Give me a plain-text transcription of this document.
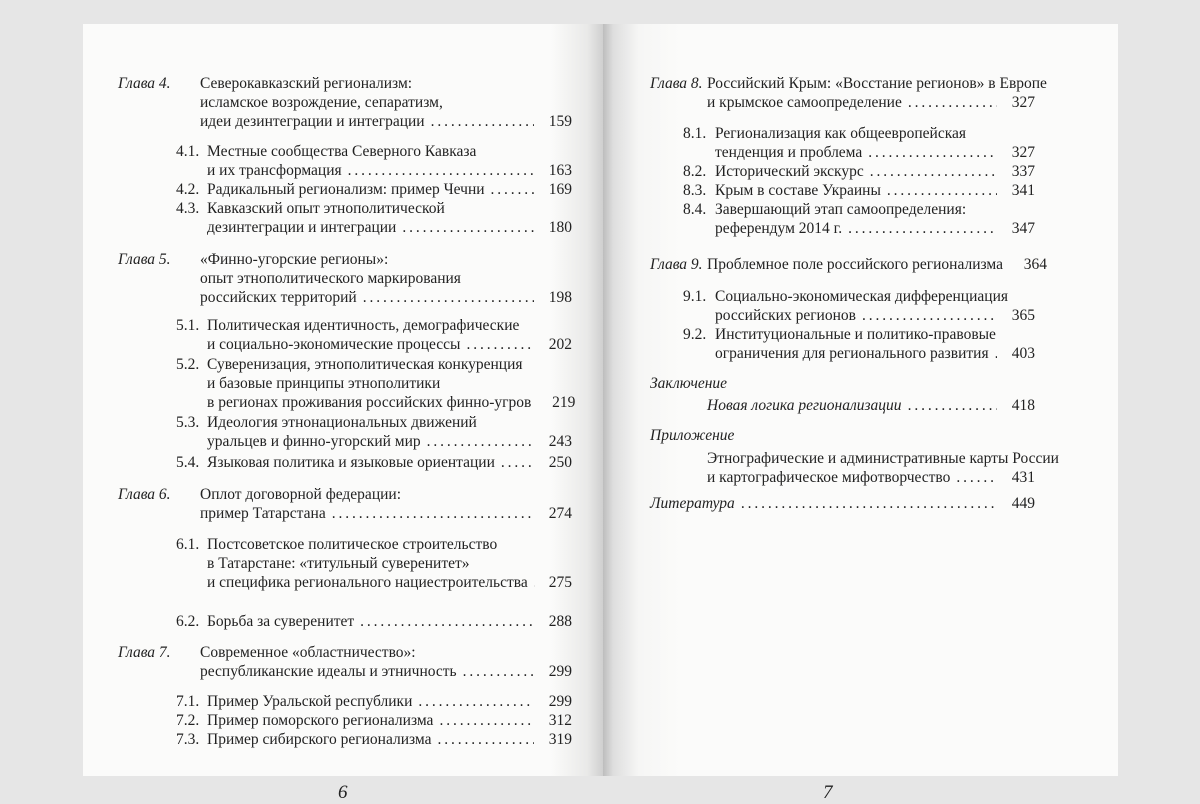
6
Глава 4. Северокавказский регионализм:
исламское возрождение, сепаратизм,
идеи дезинтеграции и интеграции . . .	159
4.1. Местные сообщества Северного Кавказа
и их трансформация . . .	163
4.2. Радикальный регионализм: пример Чечни . . .	169
4.3. Кавказский опыт этнополитической
дезинтеграции и интеграции . . .	180
Глава 5. «Финно-угорские регионы»:
опыт этнополитического маркирования
российских территорий . . .	198
5.1. Политическая идентичность, демографические
и социально-экономические процессы . . .	202
5.2. Суверенизация, этнополитическая конкуренция
и базовые принципы этнополитики
в регионах проживания российских финно-угров	219
5.3. Идеология этнонациональных движений
уральцев и финно-угорский мир . . .	243
5.4. Языковая политика и языковые ориентации . . .	250
Глава 6. Оплот договорной федерации:
пример Татарстана . . .	274
6.1. Постсоветское политическое строительство
в Татарстане: «титульный суверенитет»
и специфика регионального нациестроительства . . .	275
6.2. Борьба за суверенитет . . .	288
Глава 7. Современное «областничество»:
республиканские идеалы и этничность . . .	299
7.1. Пример Уральской республики . . .	299
7.2. Пример поморского регионализма . . .	312
7.3. Пример сибирского регионализма . . .	319
7
Глава 8. Российский Крым: «Восстание регионов» в Европе
и крымское самоопределение . . .	327
8.1. Регионализация как общеевропейская
тенденция и проблема . . .	327
8.2. Исторический экскурс . . .	337
8.3. Крым в составе Украины . . .	341
8.4. Завершающий этап самоопределения:
референдум 2014 г. . . .	347
Глава 9. Проблемное поле российского регионализма	364
9.1. Социально-экономическая дифференциация
российских регионов . . .	365
9.2. Институциональные и политико-правовые
ограничения для регионального развития . . .	403
Заключение
Новая логика регионализации . . .	418
Приложение
Этнографические и административные карты России
и картографическое мифотворчество . . .	431
Литература . . .	449
